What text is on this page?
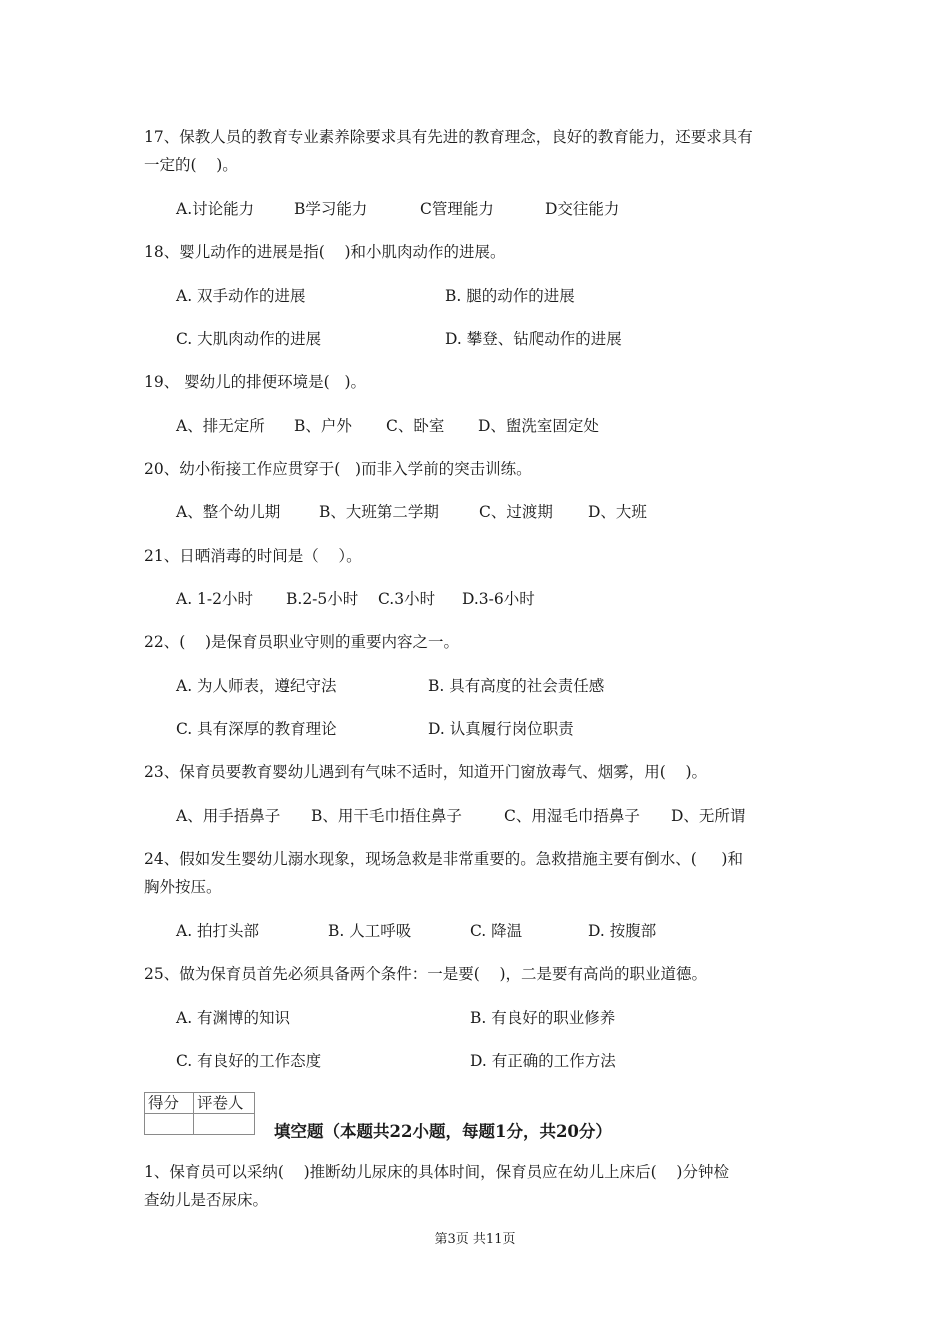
17、保教人员的教育专业素养除要求具有先进的教育理念，良好的教育能力，还要求具有
一定的(    )。
A.讨论能力	B学习能力	C管理能力	D交往能力
18、婴儿动作的进展是指(    )和小肌肉动作的进展。
A. 双手动作的进展	B. 腿的动作的进展
C. 大肌肉动作的进展	D. 攀登、钻爬动作的进展
19、 婴幼儿的排便环境是(   )。
A、排无定所 B、户外 C、卧室 D、盥洗室固定处
20、幼小衔接工作应贯穿于(   )而非入学前的突击训练。
A、整个幼儿期	B、大班第二学期	C、过渡期 D、大班
21、日晒消毒的时间是（    ）。
A. 1-2小时 B.2-5小时 C.3小时 D.3-6小时
22、(    )是保育员职业守则的重要内容之一。
A. 为人师表，遵纪守法	B. 具有高度的社会责任感
C. 具有深厚的教育理论	D. 认真履行岗位职责
23、保育员要教育婴幼儿遇到有气味不适时，知道开门窗放毒气、烟雾，用(    )。
A、用手捂鼻子 B、用干毛巾捂住鼻子	C、用湿毛巾捂鼻子 D、无所谓
24、假如发生婴幼儿溺水现象，现场急救是非常重要的。急救措施主要有倒水、(     )和
胸外按压。
A. 拍打头部	B. 人工呼吸	C. 降温	D. 按腹部
25、做为保育员首先必须具备两个条件：一是要(    )，二是要有高尚的职业道德。
A. 有渊博的知识	B. 有良好的职业修养
C. 有良好的工作态度	D. 有正确的工作方法
得分	评卷人

填空题（本题共22小题，每题1分，共20分）
1、保育员可以采纳(    )推断幼儿尿床的具体时间，保育员应在幼儿上床后(    )分钟检
查幼儿是否尿床。
第3页 共11页
